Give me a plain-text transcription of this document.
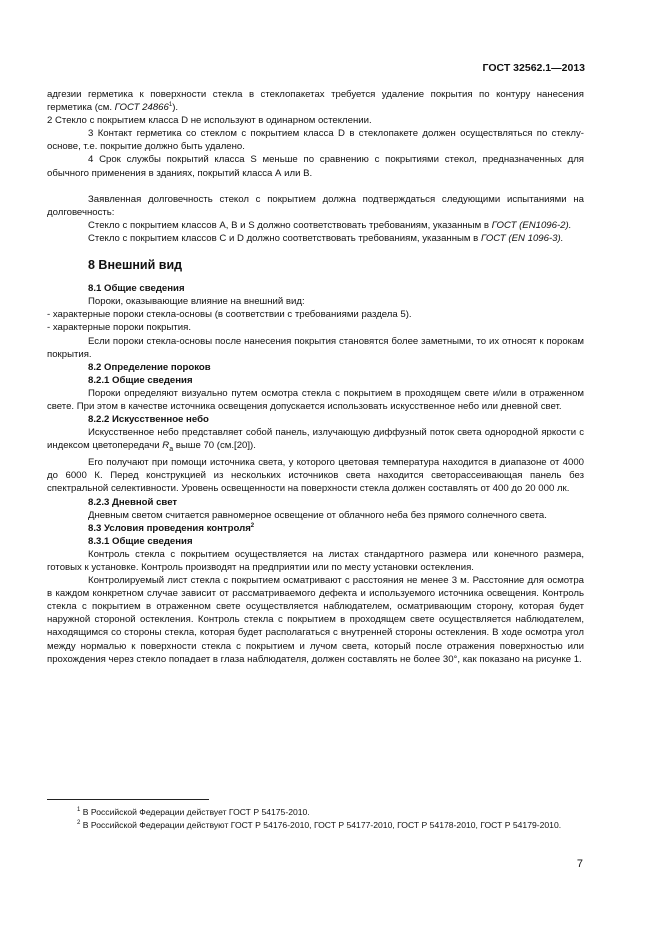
ГОСТ 32562.1—2013

адгезии герметика к поверхности стекла в стеклопакетах требуется удаление покрытия по контуру нанесения герметика (см. ГОСТ 24866$^1$).

2 Стекло с покрытием класса D не используют в одинарном остеклении.

3 Контакт герметика со стеклом с покрытием класса D в стеклопакете должен осуществляться по стеклу-основе, т.е. покрытие должно быть удалено.

4 Срок службы покрытий класса S меньше по сравнению с покрытиями стекол, предназначенных для обычного применения в зданиях, покрытий класса А или В.

Заявленная долговечность стекол с покрытием должна подтверждаться следующими испытаниями на долговечность:

Стекло с покрытием классов А, В и S должно соответствовать требованиям, указанным в ГОСТ (EN1096-2).

Стекло с покрытием классов С и D должно соответствовать требованиям, указанным в ГОСТ (EN 1096-3).

8 Внешний вид

8.1 Общие сведения

Пороки, оказывающие влияние на внешний вид:

- характерные пороки стекла-основы (в соответствии с требованиями раздела 5).

- характерные пороки покрытия.

Если пороки стекла-основы после нанесения покрытия становятся более заметными, то их относят к порокам покрытия.

8.2 Определение пороков

8.2.1 Общие сведения

Пороки определяют визуально путем осмотра стекла с покрытием в проходящем свете и/или в отраженном свете. При этом в качестве источника освещения допускается использовать искусственное небо или дневной свет.

8.2.2 Искусственное небо

Искусственное небо представляет собой панель, излучающую диффузный поток света однородной яркости с индексом цветопередачи $R_a$ выше 70 (см.[20]).

Его получают при помощи источника света, у которого цветовая температура находится в диапазоне от 4000 до 6000 К. Перед конструкцией из нескольких источников света находится светорассеивающая панель без спектральной селективности. Уровень освещенности на поверхности стекла должен составлять от 400 до 20 000 лк.

8.2.3 Дневной свет

Дневным светом считается равномерное освещение от облачного неба без прямого солнечного света.

8.3 Условия проведения контроля$^2$

8.3.1 Общие сведения

Контроль стекла с покрытием осуществляется на листах стандартного размера или конечного размера, готовых к установке. Контроль производят на предприятии или по месту установки остекления.

Контролируемый лист стекла с покрытием осматривают с расстояния не менее 3 м. Расстояние для осмотра в каждом конкретном случае зависит от рассматриваемого дефекта и используемого источника освещения. Контроль стекла с покрытием в отраженном свете осуществляется наблюдателем, осматривающим сторону, которая будет наружной стороной остекления. Контроль стекла с покрытием в проходящем свете осуществляется наблюдателем, находящимся со стороны стекла, которая будет располагаться с внутренней стороны остекления. В ходе осмотра угол между нормалью к поверхности стекла с покрытием и лучом света, который после отражения поверхностью или прохождения через стекло попадает в глаза наблюдателя, должен составлять не более 30°, как показано на рисунке 1.

$^1$ В Российской Федерации действует ГОСТ Р 54175-2010.
$^2$ В Российской Федерации действуют ГОСТ Р 54176-2010, ГОСТ Р 54177-2010, ГОСТ Р 54178-2010, ГОСТ Р 54179-2010.
7
